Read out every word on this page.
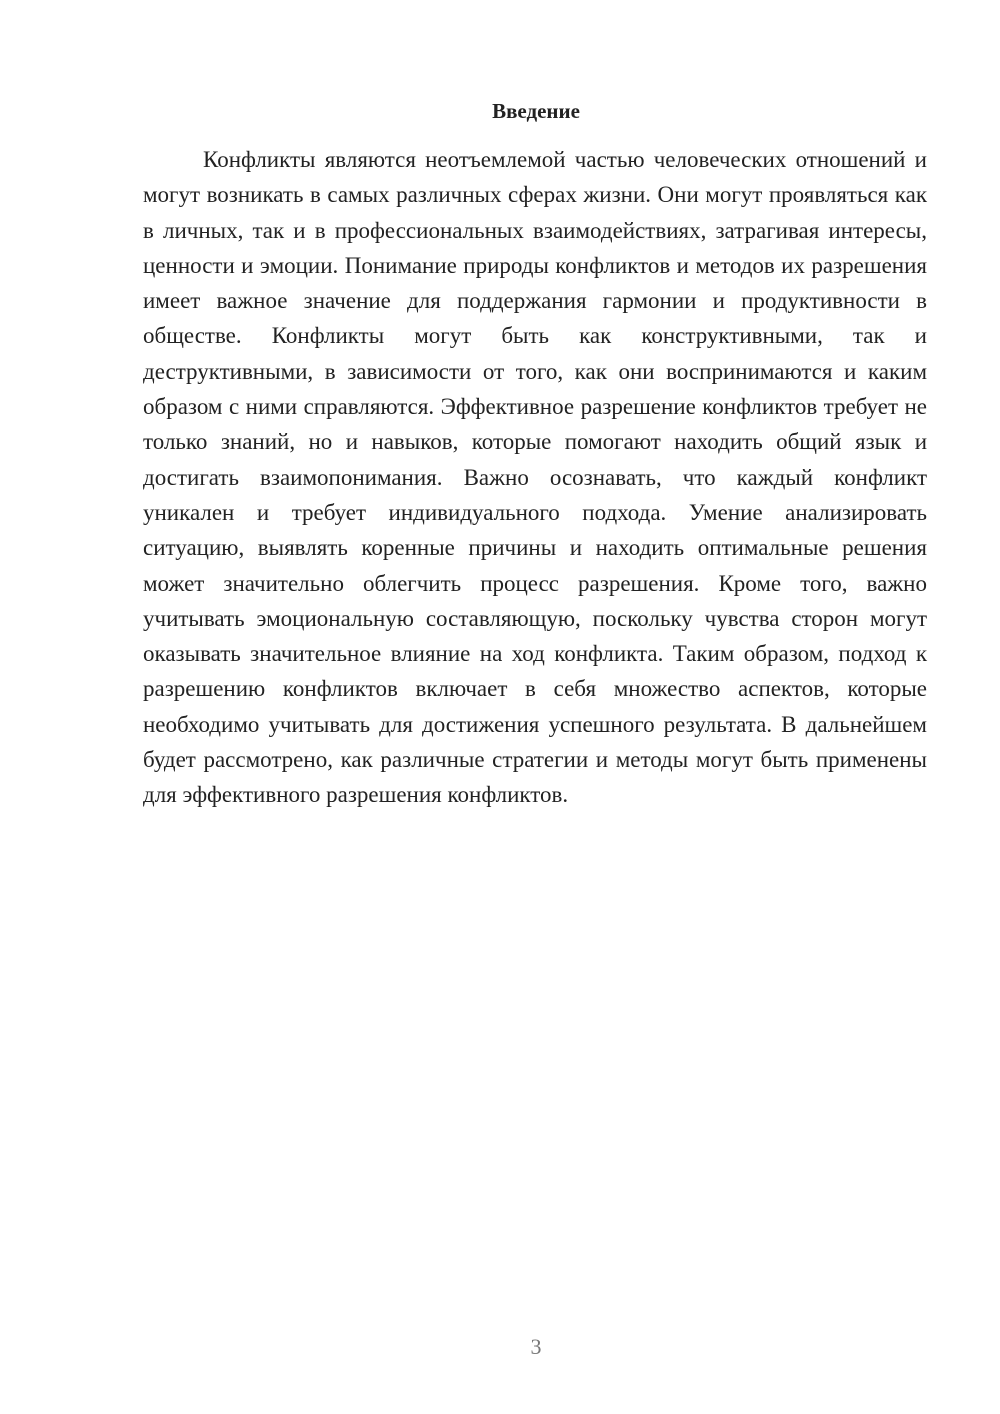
Введение

Конфликты являются неотъемлемой частью человеческих отношений и могут возникать в самых различных сферах жизни. Они могут проявляться как в личных, так и в профессиональных взаимодействиях, затрагивая интересы, ценности и эмоции. Понимание природы конфликтов и методов их разрешения имеет важное значение для поддержания гармонии и продуктивности в обществе. Конфликты могут быть как конструктивными, так и деструктивными, в зависимости от того, как они воспринимаются и каким образом с ними справляются. Эффективное разрешение конфликтов требует не только знаний, но и навыков, которые помогают находить общий язык и достигать взаимопонимания. Важно осознавать, что каждый конфликт уникален и требует индивидуального подхода. Умение анализировать ситуацию, выявлять коренные причины и находить оптимальные решения может значительно облегчить процесс разрешения. Кроме того, важно учитывать эмоциональную составляющую, поскольку чувства сторон могут оказывать значительное влияние на ход конфликта. Таким образом, подход к разрешению конфликтов включает в себя множество аспектов, которые необходимо учитывать для достижения успешного результата. В дальнейшем будет рассмотрено, как различные стратегии и методы могут быть применены для эффективного разрешения конфликтов.

3
